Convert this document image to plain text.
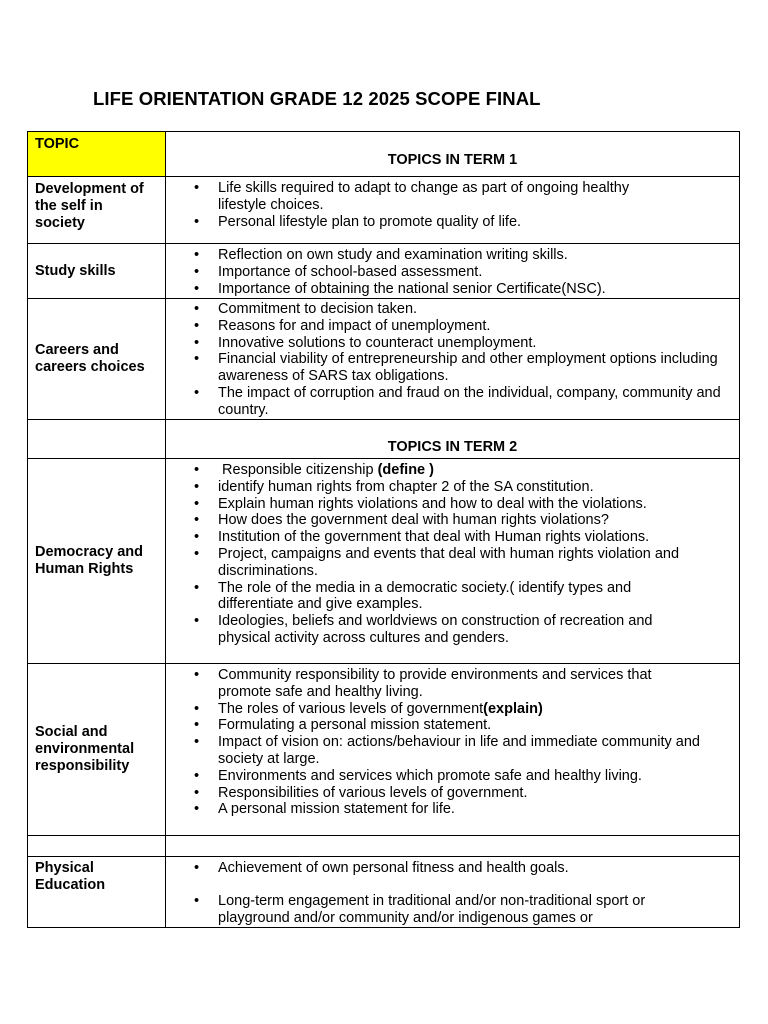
LIFE ORIENTATION GRADE 12 2025 SCOPE FINAL
TOPIC
TOPICS IN TERM 1
Development of the self in society
• Life skills required to adapt to change as part of ongoing healthy lifestyle choices.
• Personal lifestyle plan to promote quality of life.
Study skills
• Reflection on own study and examination writing skills.
• Importance of school-based assessment.
• Importance of obtaining the national senior Certificate(NSC).
Careers and careers choices
• Commitment to decision taken.
• Reasons for and impact of unemployment.
• Innovative solutions to counteract unemployment.
• Financial viability of entrepreneurship and other employment options including awareness of SARS tax obligations.
• The impact of corruption and fraud on the individual, company, community and country.
TOPICS IN TERM 2
Democracy and Human Rights
•  Responsible citizenship (define )
• identify human rights from chapter 2 of the SA constitution.
• Explain human rights violations and how to deal with the violations.
• How does the government deal with human rights violations?
• Institution of the government that deal with Human rights violations.
• Project, campaigns and events that deal with human rights violation and discriminations.
• The role of the media in a democratic society.( identify types and differentiate and give examples.
• Ideologies, beliefs and worldviews on construction of recreation and physical activity across cultures and genders.
Social and environmental responsibility
• Community responsibility to provide environments and services that promote safe and healthy living.
• The roles of various levels of government(explain)
• Formulating a personal mission statement.
• Impact of vision on: actions/behaviour in life and immediate community and society at large.
• Environments and services which promote safe and healthy living.
• Responsibilities of various levels of government.
• A personal mission statement for life.
Physical Education
• Achievement of own personal fitness and health goals.
• Long-term engagement in traditional and/or non-traditional sport or playground and/or community and/or indigenous games or
